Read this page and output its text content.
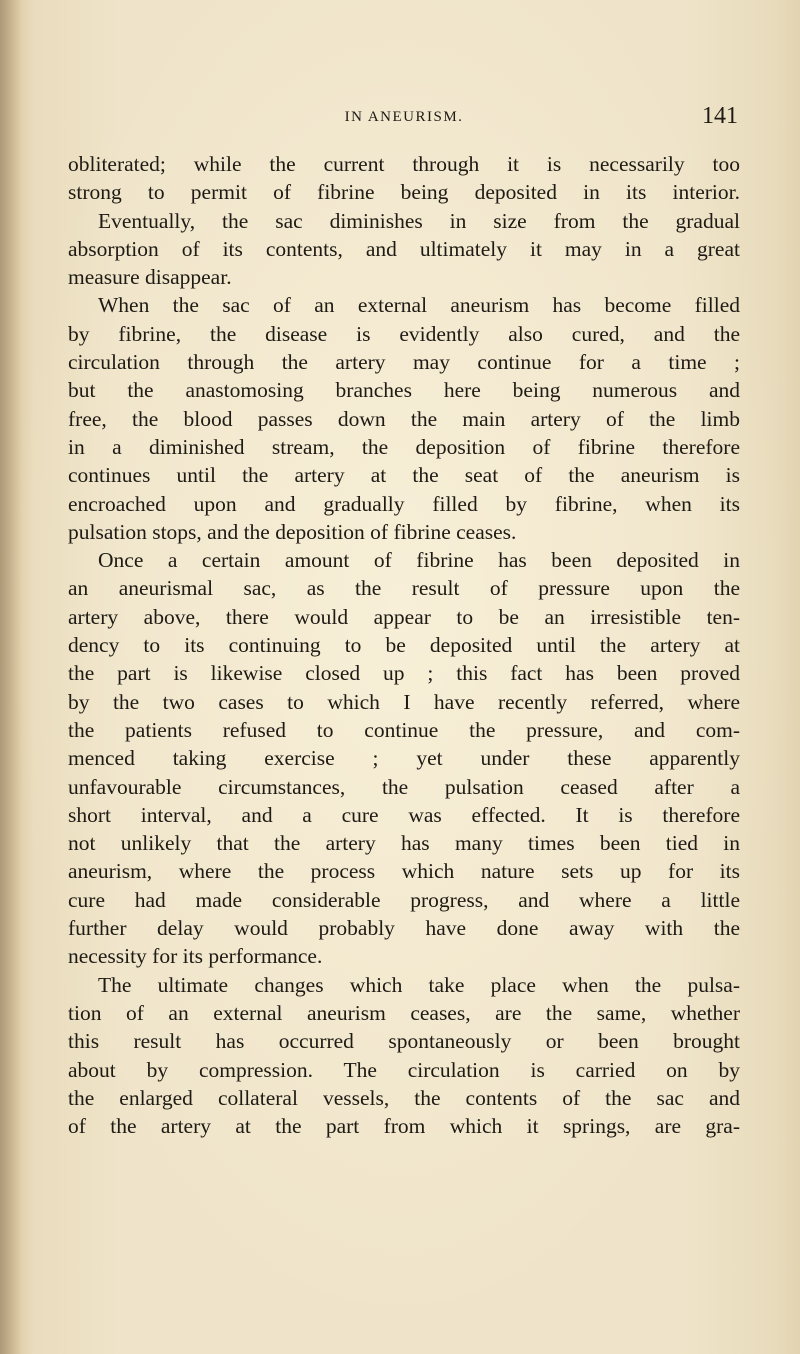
IN ANEURISM.	141
obliterated; while the current through it is necessarily too
strong to permit of fibrine being deposited in its interior.
Eventually, the sac diminishes in size from the gradual
absorption of its contents, and ultimately it may in a great
measure disappear.
When the sac of an external aneurism has become filled
by fibrine, the disease is evidently also cured, and the
circulation through the artery may continue for a time ;
but the anastomosing branches here being numerous and
free, the blood passes down the main artery of the limb
in a diminished stream, the deposition of fibrine therefore
continues until the artery at the seat of the aneurism is
encroached upon and gradually filled by fibrine, when its
pulsation stops, and the deposition of fibrine ceases.
Once a certain amount of fibrine has been deposited in
an aneurismal sac, as the result of pressure upon the
artery above, there would appear to be an irresistible ten-
dency to its continuing to be deposited until the artery at
the part is likewise closed up ; this fact has been proved
by the two cases to which I have recently referred, where
the patients refused to continue the pressure, and com-
menced taking exercise ; yet under these apparently
unfavourable circumstances, the pulsation ceased after a
short interval, and a cure was effected. It is therefore
not unlikely that the artery has many times been tied in
aneurism, where the process which nature sets up for its
cure had made considerable progress, and where a little
further delay would probably have done away with the
necessity for its performance.
The ultimate changes which take place when the pulsa-
tion of an external aneurism ceases, are the same, whether
this result has occurred spontaneously or been brought
about by compression. The circulation is carried on by
the enlarged collateral vessels, the contents of the sac and
of the artery at the part from which it springs, are gra-
